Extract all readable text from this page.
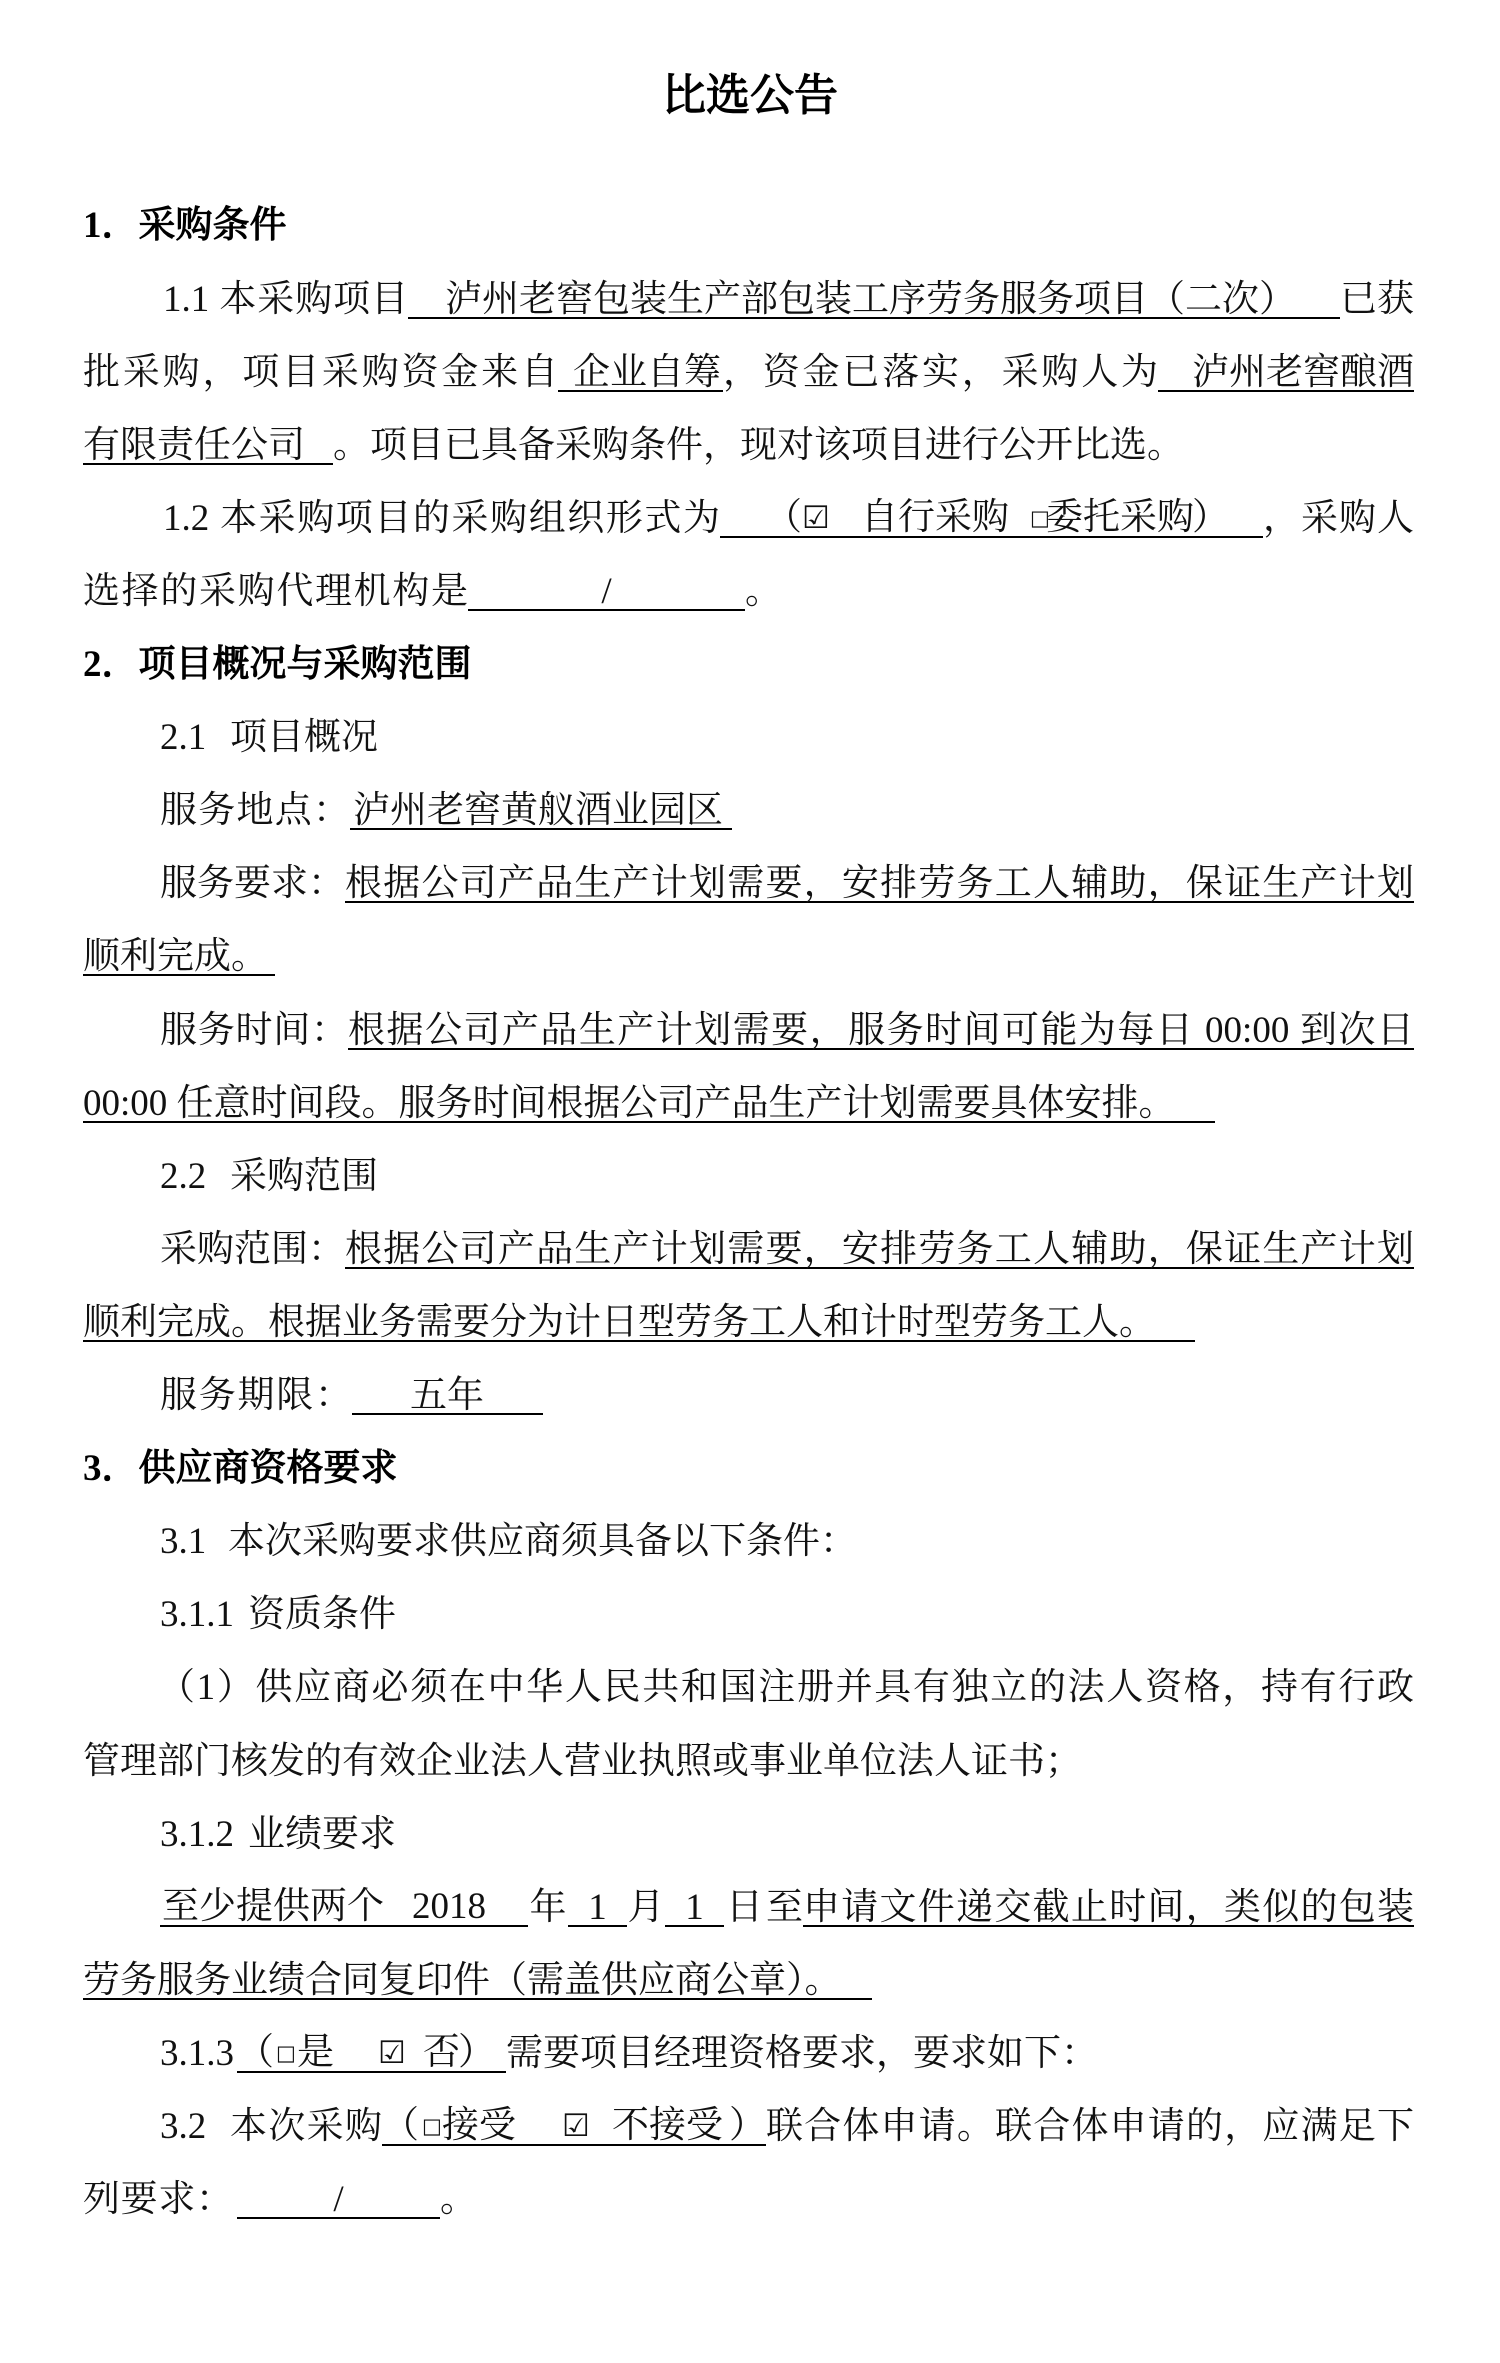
比选公告
1．采购条件
1.1 本采购项目	泸州老窖包装生产部包装工序劳务服务项目（二次）	已获
批采购，项目采购资金来自 企业自筹 ，资金已落实，采购人为 泸州老窖酿酒
有限责任公司 。项目已具备采购条件，现对该项目进行公开比选。
1.2 本采购项目的采购组织形式为

（

☑

自行采购

□

委托采购

）

，采购人
选择的采购代理机构是	/	。
2．项目概况与采购范围
2.1 项目概况
服务地点： 泸州老窖黄舣酒业园区
服务要求： 根据公司产品生产计划需要，安排劳务工人辅助，保证生产计划
顺利完成。
服务时间： 根据公司产品生产计划需要，服务时间可能为每日 00:00 到次日
00:00 任意时间段。服务时间根据公司产品生产计划需要具体安排。
2.2 采购范围
采购范围： 根据公司产品生产计划需要，安排劳务工人辅助，保证生产计划
顺利完成。根据业务需要分为计日型劳务工人和计时型劳务工人。
服务期限：	五年
3．供应商资格要求
3.1 本次采购要求供应商须具备以下条件：
3.1.1 资质条件
（1）供应商必须在中华人民共和国注册并具有独立的法人资格，持有行政
管理部门核发的有效企业法人营业执照或事业单位法人证书；
3.1.2 业绩要求

至少提供两个

2018

年 1 月 1 日至 申请文件递交截止时间，类似的包装
劳务服务业绩合同复印件（需盖供应商公章）。
3.1.3

（

□

是

☑

否

）

需要项目经理资格要求，要求如下：
3.2 本次采购

（

□

接受

☑

不接受

）

联合体申请。联合体申请的，应满足下
列要求：	/	。
